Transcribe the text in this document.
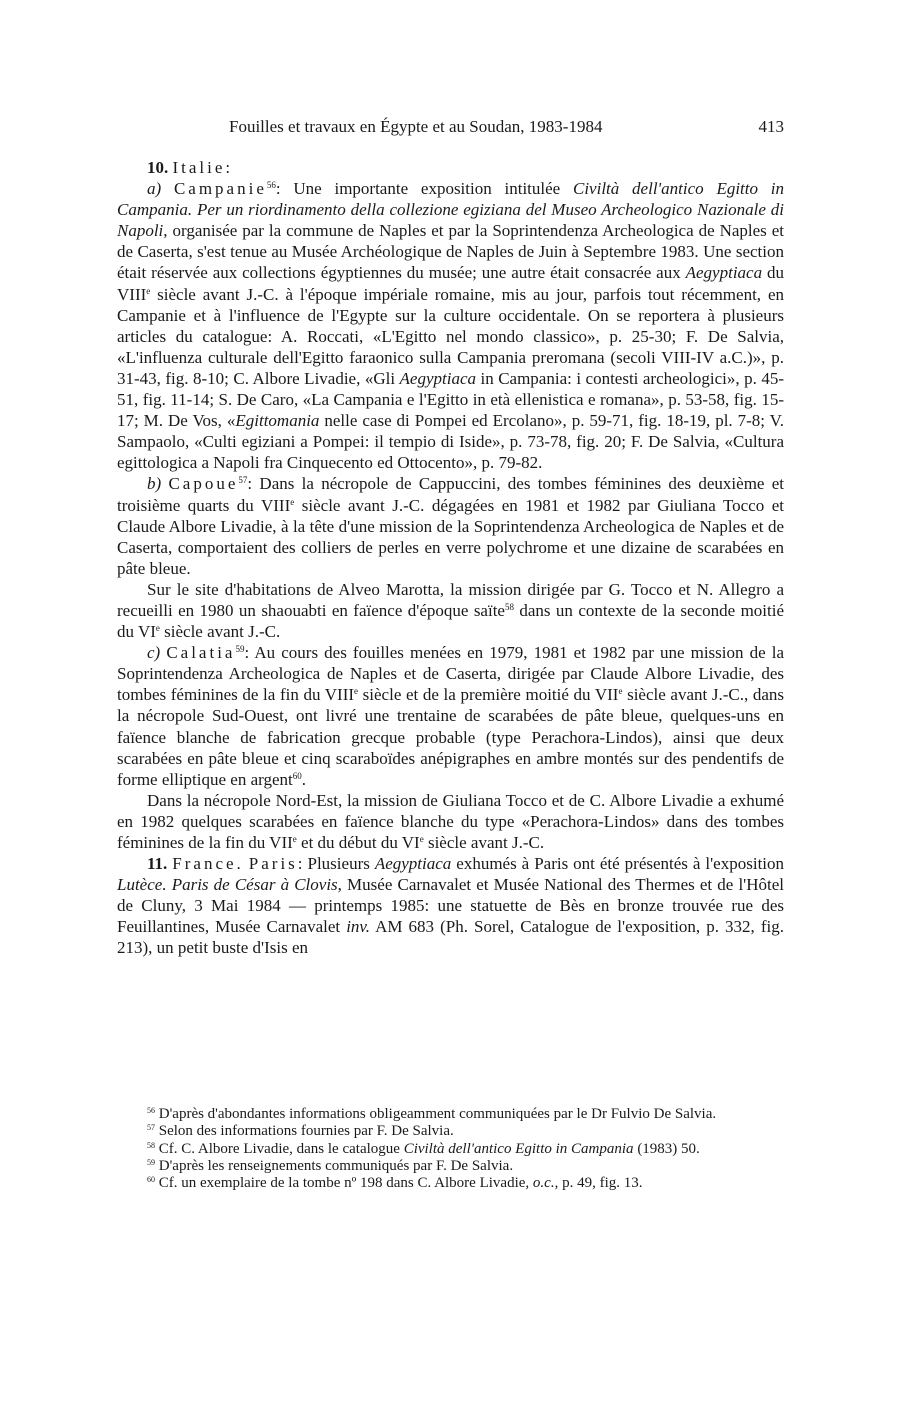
Fouilles et travaux en Égypte et au Soudan, 1983-1984	413

10. Italie:

a) Campanie$^{56}$: Une importante exposition intitulée Civiltà dell'antico Egitto in Campania. Per un riordinamento della collezione egiziana del Museo Archeologico Nazionale di Napoli, organisée par la commune de Naples et par la Soprintendenza Archeologica de Naples et de Caserta, s'est tenue au Musée Archéologique de Naples de Juin à Septembre 1983. Une section était réservée aux collections égyptiennes du musée; une autre était consacrée aux Aegyptiaca du VIIIe siècle avant J.-C. à l'époque impériale romaine, mis au jour, parfois tout récemment, en Campanie et à l'influence de l'Egypte sur la culture occidentale. On se reportera à plusieurs articles du catalogue: A. Roccati, «L'Egitto nel mondo classico», p. 25-30; F. De Salvia, «L'influenza culturale dell'Egitto faraonico sulla Campania preromana (secoli VIII-IV a.C.)», p. 31-43, fig. 8-10; C. Albore Livadie, «Gli Aegyptiaca in Campania: i contesti archeologici», p. 45-51, fig. 11-14; S. De Caro, «La Campania e l'Egitto in età ellenistica e romana», p. 53-58, fig. 15-17; M. De Vos, «Egittomania nelle case di Pompei ed Ercolano», p. 59-71, fig. 18-19, pl. 7-8; V. Sampaolo, «Culti egiziani a Pompei: il tempio di Iside», p. 73-78, fig. 20; F. De Salvia, «Cultura egittologica a Napoli fra Cinquecento ed Ottocento», p. 79-82.

b) Capoue$^{57}$: Dans la nécropole de Cappuccini, des tombes féminines des deuxième et troisième quarts du VIIIe siècle avant J.-C. dégagées en 1981 et 1982 par Giuliana Tocco et Claude Albore Livadie, à la tête d'une mission de la Soprintendenza Archeologica de Naples et de Caserta, comportaient des colliers de perles en verre polychrome et une dizaine de scarabées en pâte bleue.

Sur le site d'habitations de Alveo Marotta, la mission dirigée par G. Tocco et N. Allegro a recueilli en 1980 un shaouabti en faïence d'époque saïte$^{58}$ dans un contexte de la seconde moitié du VIe siècle avant J.-C.

c) Calatia$^{59}$: Au cours des fouilles menées en 1979, 1981 et 1982 par une mission de la Soprintendenza Archeologica de Naples et de Caserta, dirigée par Claude Albore Livadie, des tombes féminines de la fin du VIIIe siècle et de la première moitié du VIIe siècle avant J.-C., dans la nécropole Sud-Ouest, ont livré une trentaine de scarabées de pâte bleue, quelques-uns en faïence blanche de fabrication grecque probable (type Perachora-Lindos), ainsi que deux scarabées en pâte bleue et cinq scaraboïdes anépigraphes en ambre montés sur des pendentifs de forme elliptique en argent$^{60}$.

Dans la nécropole Nord-Est, la mission de Giuliana Tocco et de C. Albore Livadie a exhumé en 1982 quelques scarabées en faïence blanche du type «Perachora-Lindos» dans des tombes féminines de la fin du VIIe et du début du VIe siècle avant J.-C.

11. France. Paris: Plusieurs Aegyptiaca exhumés à Paris ont été présentés à l'exposition Lutèce. Paris de César à Clovis, Musée Carnavalet et Musée National des Thermes et de l'Hôtel de Cluny, 3 Mai 1984 — printemps 1985: une statuette de Bès en bronze trouvée rue des Feuillantines, Musée Carnavalet inv. AM 683 (Ph. Sorel, Catalogue de l'exposition, p. 332, fig. 213), un petit buste d'Isis en

$^{56}$ D'après d'abondantes informations obligeamment communiquées par le Dr Fulvio De Salvia.

$^{57}$ Selon des informations fournies par F. De Salvia.

$^{58}$ Cf. C. Albore Livadie, dans le catalogue Civiltà dell'antico Egitto in Campania (1983) 50.

$^{59}$ D'après les renseignements communiqués par F. De Salvia.

$^{60}$ Cf. un exemplaire de la tombe nº 198 dans C. Albore Livadie, o.c., p. 49, fig. 13.
